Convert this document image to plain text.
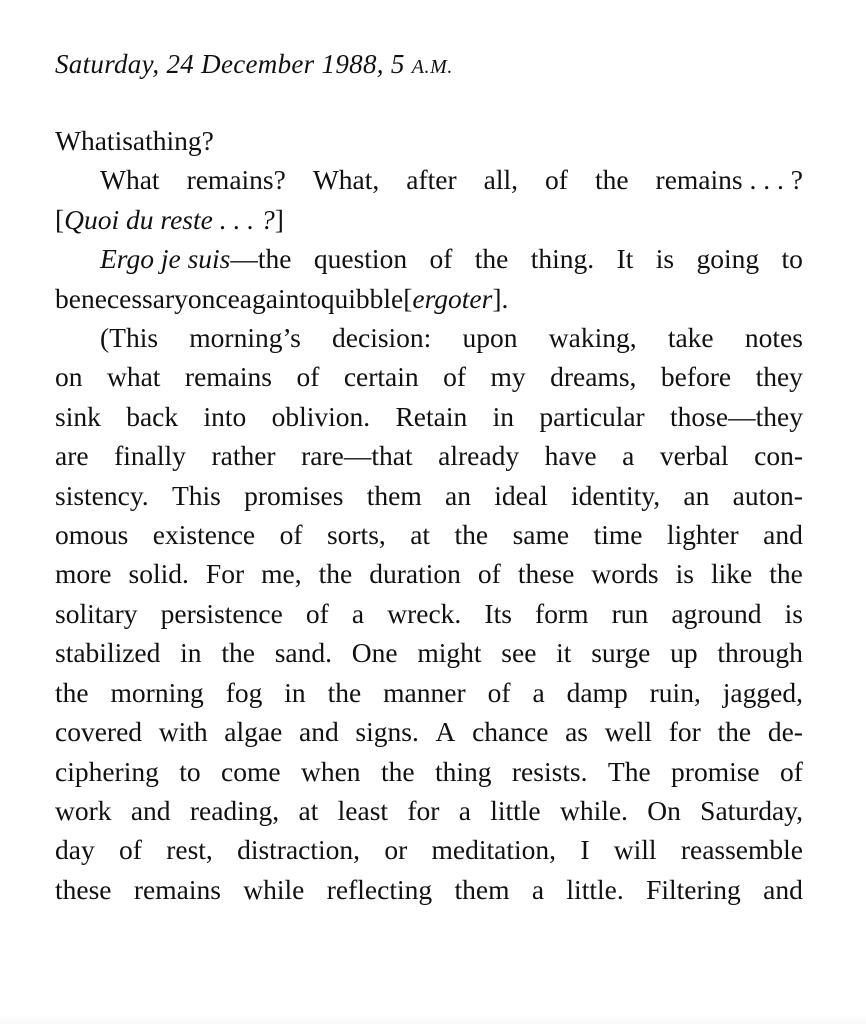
Saturday, 24 December 1988, 5 A.M.
What is a thing?
What remains? What, after all, of the remains . . . ?
[ Quoi du reste . . . ? ]
Ergo je suis—the question of the thing. It is going to
be necessary once again to quibble [ ergoter ].
(This morning’s decision: upon waking, take notes
on what remains of certain of my dreams, before they
sink back into oblivion. Retain in particular those—they
are finally rather rare—that already have a verbal con-
sistency. This promises them an ideal identity, an auton-
omous existence of sorts, at the same time lighter and
more solid. For me, the duration of these words is like the
solitary persistence of a wreck. Its form run aground is
stabilized in the sand. One might see it surge up through
the morning fog in the manner of a damp ruin, jagged,
covered with algae and signs. A chance as well for the de-
ciphering to come when the thing resists. The promise of
work and reading, at least for a little while. On Saturday,
day of rest, distraction, or meditation, I will reassemble
these remains while reflecting them a little. Filtering and
